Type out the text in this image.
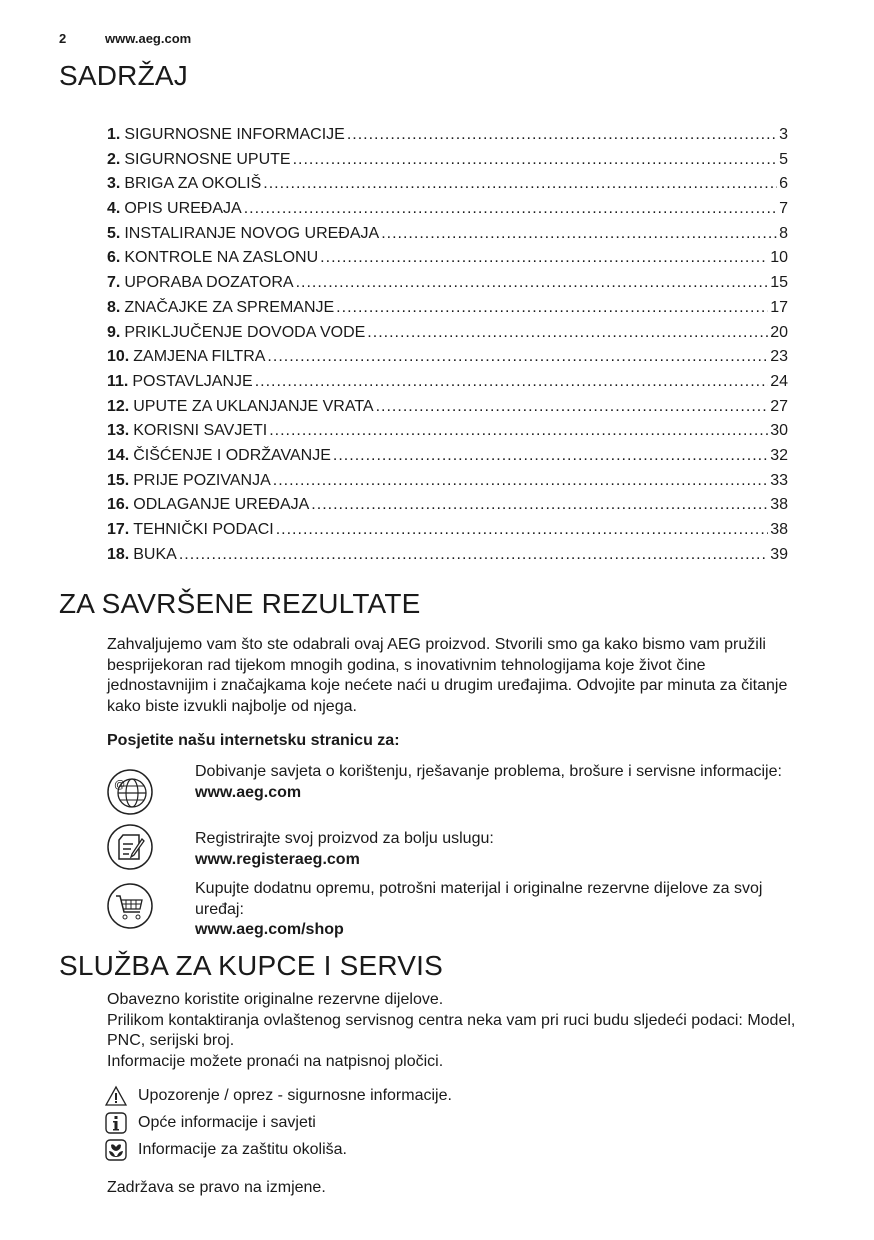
2	www.aeg.com
SADRŽAJ
1. SIGURNOSNE INFORMACIJE .....	3
2. SIGURNOSNE UPUTE .....	5
3. BRIGA ZA OKOLIŠ .....	6
4. OPIS UREĐAJA .....	7
5. INSTALIRANJE NOVOG UREĐAJA .....	8
6. KONTROLE NA ZASLONU .....	10
7. UPORABA DOZATORA .....	15
8. ZNAČAJKE ZA SPREMANJE .....	17
9. PRIKLJUČENJE DOVODA VODE .....	20
10. ZAMJENA FILTRA .....	23
11. POSTAVLJANJE .....	24
12. UPUTE ZA UKLANJANJE VRATA .....	27
13. KORISNI SAVJETI .....	30
14. ČIŠĆENJE I ODRŽAVANJE .....	32
15. PRIJE POZIVANJA .....	33
16. ODLAGANJE UREĐAJA .....	38
17. TEHNIČKI PODACI .....	38
18. BUKA .....	39
ZA SAVRŠENE REZULTATE
Zahvaljujemo vam što ste odabrali ovaj AEG proizvod. Stvorili smo ga kako bismo vam pružili besprijekoran rad tijekom mnogih godina, s inovativnim tehnologijama koje život čine jednostavnijim i značajkama koje nećete naći u drugim uređajima. Odvojite par minuta za čitanje kako biste izvukli najbolje od njega.
Posjetite našu internetsku stranicu za:
@
Dobivanje savjeta o korištenju, rješavanje problema, brošure i servisne informacije:
www.aeg.com
Registrirajte svoj proizvod za bolju uslugu:
www.registeraeg.com
Kupujte dodatnu opremu, potrošni materijal i originalne rezervne dijelove za svoj uređaj:
www.aeg.com/shop
SLUŽBA ZA KUPCE I SERVIS
Obavezno koristite originalne rezervne dijelove.
Prilikom kontaktiranja ovlaštenog servisnog centra neka vam pri ruci budu sljedeći podaci: Model, PNC, serijski broj.
Informacije možete pronaći na natpisnoj pločici.
Upozorenje / oprez - sigurnosne informacije.
Opće informacije i savjeti
Informacije za zaštitu okoliša.
Zadržava se pravo na izmjene.
